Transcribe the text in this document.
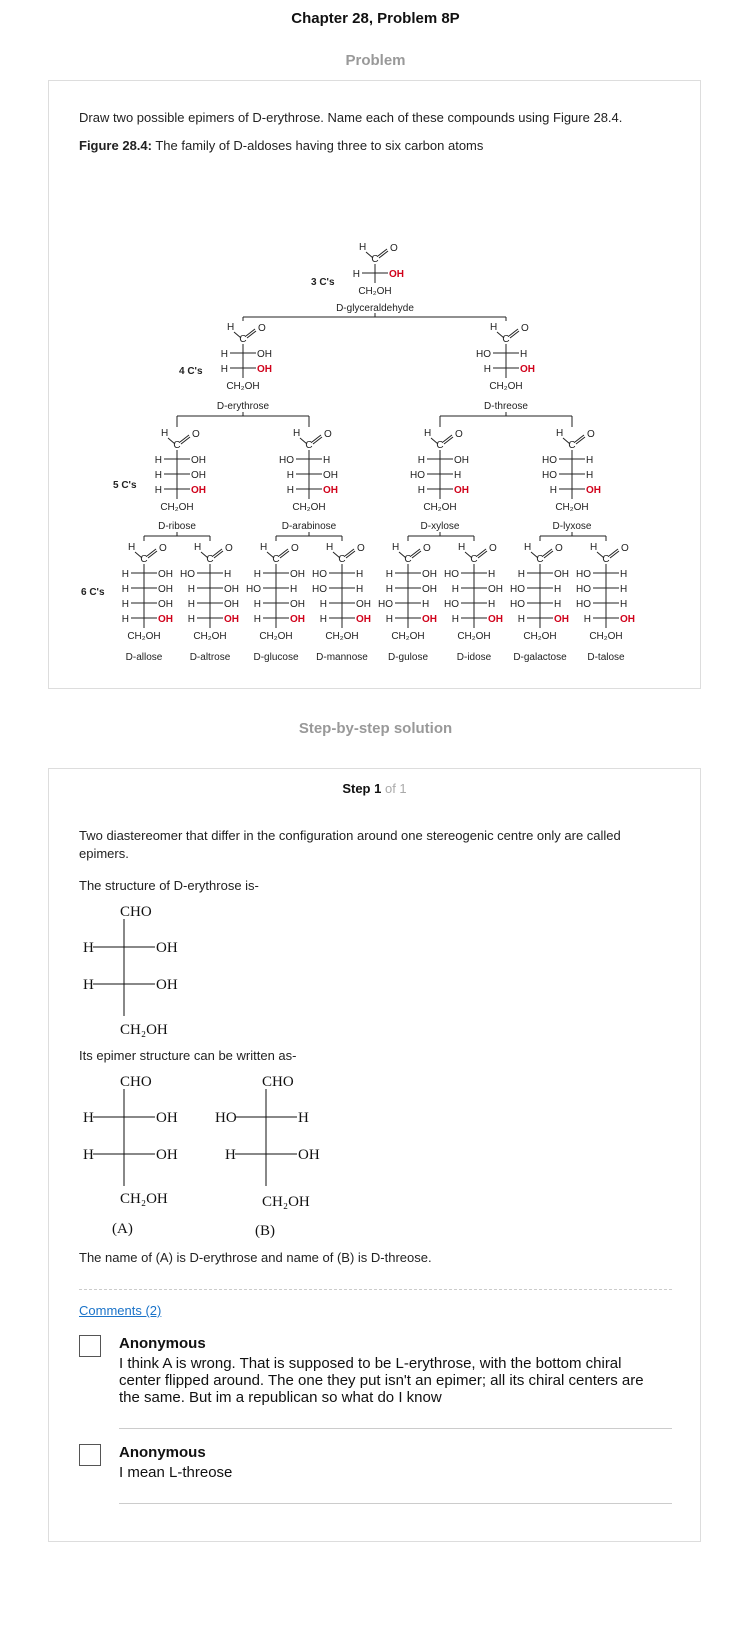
Chapter 28, Problem 8P
Problem
Draw two possible epimers of D-erythrose. Name each of these compounds using Figure 28.4.
Figure 28.4: The family of D-aldoses having three to six carbon atoms
H
C
O
H	OH
CH₂OH
H
C
O
H	OH
H	OH
CH₂OH
H
C
O
HO	H
H	OH
CH₂OH
H
C
O
H	OH
H	OH
H	OH
CH₂OH
H
C
O
HO	H
H	OH
H	OH
CH₂OH
H
C
O
H	OH
HO	H
H	OH
CH₂OH
H
C
O
HO	H
HO	H
H	OH
CH₂OH
H
C
O
H	OH
H	OH
H	OH
H	OH
CH₂OH
H
C
O
HO	H
H	OH
H	OH
H	OH
CH₂OH
H
C
O
H	OH
HO	H
H	OH
H	OH
CH₂OH
H
C
O
HO	H
HO	H
H	OH
H	OH
CH₂OH
H
C
O
H	OH
H	OH
HO	H
H	OH
CH₂OH
H
C
O
HO	H
H	OH
HO	H
H	OH
CH₂OH
H
C
O
H	OH
HO	H
HO	H
H	OH
CH₂OH
H
C
O
HO	H
HO	H
HO	H
H	OH
CH₂OH
3 C's
4 C's
5 C's
6 C's
D-glyceraldehyde
D-erythrose	D-threose
D-ribose	D-arabinose	D-xylose	D-lyxose
D-allose	D-altrose D-glucose D-mannose D-gulose	D-idose D-galactose D-talose
Step-by-step solution
Step 1 of 1
Two diastereomer that differ in the configuration around one stereogenic centre only are called epimers.
The structure of D-erythrose is-
CHO
H	OH
H	OH
CH₂OH
Its epimer structure can be written as-
CHO
H	OH
H	OH
CH₂OH
(A)
CHO
HO	H
H	OH
CH₂OH
(B)
The name of (A) is D-erythrose and name of (B) is D-threose.
Comments (2)
Anonymous
I think A is wrong. That is supposed to be L-erythrose, with the bottom chiral center flipped around. The one they put isn't an epimer; all its chiral centers are the same. But im a republican so what do I know
Anonymous
I mean L-threose
